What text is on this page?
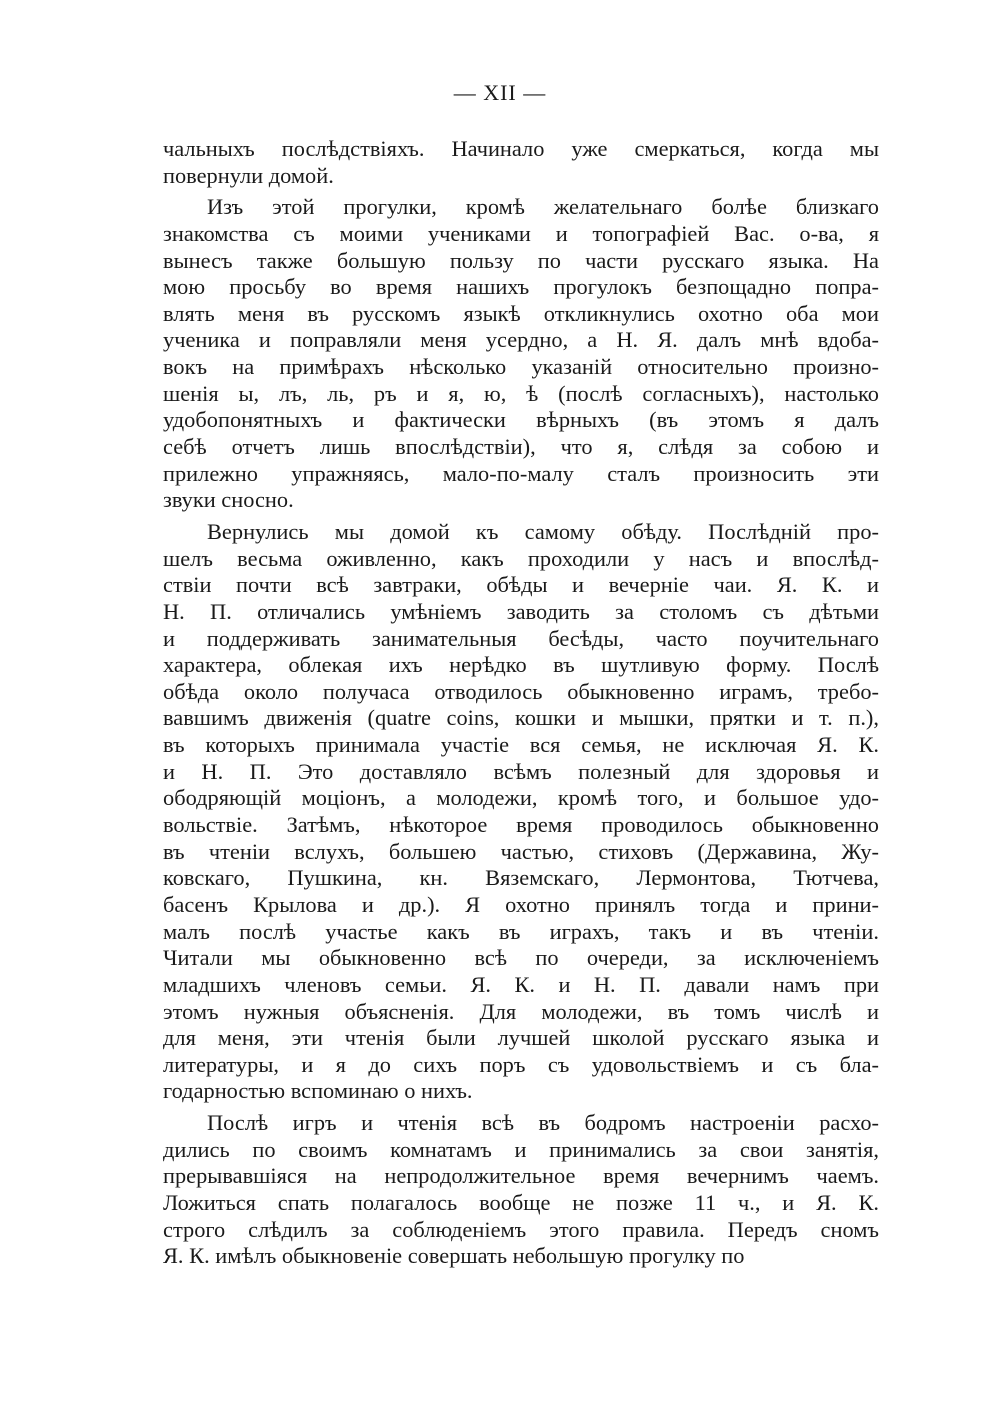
— XII —
чальныхъ послѣдствіяхъ. Начинало уже смеркаться, когда мы
повернули домой.
Изъ этой прогулки, кромѣ желательнаго болѣе близкаго
знакомства съ моими учениками и топографіей Вас. о-ва, я
вынесъ также большую пользу по части русскаго языка. На
мою просьбу во время нашихъ прогулокъ безпощадно попра-
влять меня въ русскомъ языкѣ откликнулись охотно оба мои
ученика и поправляли меня усердно, а Н. Я. далъ мнѣ вдоба-
вокъ на примѣрахъ нѣсколько указаній относительно произно-
шенія ы, лъ, ль, ръ и я, ю, ѣ (послѣ согласныхъ), настолько
удобопонятныхъ и фактически вѣрныхъ (въ этомъ я далъ
себѣ отчетъ лишь впослѣдствіи), что я, слѣдя за собою и
прилежно упражняясь, мало-по-малу сталъ произносить эти
звуки сносно.
Вернулись мы домой къ самому обѣду. Послѣдній про-
шелъ весьма оживленно, какъ проходили у насъ и впослѣд-
ствіи почти всѣ завтраки, обѣды и вечерніе чаи. Я. К. и
Н. П. отличались умѣніемъ заводить за столомъ съ дѣтьми
и поддерживать занимательныя бесѣды, часто поучительнаго
характера, облекая ихъ нерѣдко въ шутливую форму. Послѣ
обѣда около получаса отводилось обыкновенно играмъ, требо-
вавшимъ движенія (quatre coins, кошки и мышки, прятки и т. п.),
въ которыхъ принимала участіе вся семья, не исключая Я. К.
и Н. П. Это доставляло всѣмъ полезный для здоровья и
ободряющій моціонъ, а молодежи, кромѣ того, и большое удо-
вольствіе. Затѣмъ, нѣкоторое время проводилось обыкновенно
въ чтеніи вслухъ, большею частью, стиховъ (Державина, Жу-
ковскаго, Пушкина, кн. Вяземскаго, Лермонтова, Тютчева,
басенъ Крылова и др.). Я охотно принялъ тогда и прини-
малъ послѣ участье какъ въ играхъ, такъ и въ чтеніи.
Читали мы обыкновенно всѣ по очереди, за исключеніемъ
младшихъ членовъ семьи. Я. К. и Н. П. давали намъ при
этомъ нужныя объясненія. Для молодежи, въ томъ числѣ и
для меня, эти чтенія были лучшей школой русскаго языка и
литературы, и я до сихъ поръ съ удовольствіемъ и съ бла-
годарностью вспоминаю о нихъ.
Послѣ игръ и чтенія всѣ въ бодромъ настроеніи расхо-
дились по своимъ комнатамъ и принимались за свои занятія,
прерывавшіяся на непродолжительное время вечернимъ чаемъ.
Ложиться спать полагалось вообще не позже 11 ч., и Я. К.
строго слѣдилъ за соблюденіемъ этого правила. Передъ сномъ
Я. К. имѣлъ обыкновеніе совершать небольшую прогулку по
